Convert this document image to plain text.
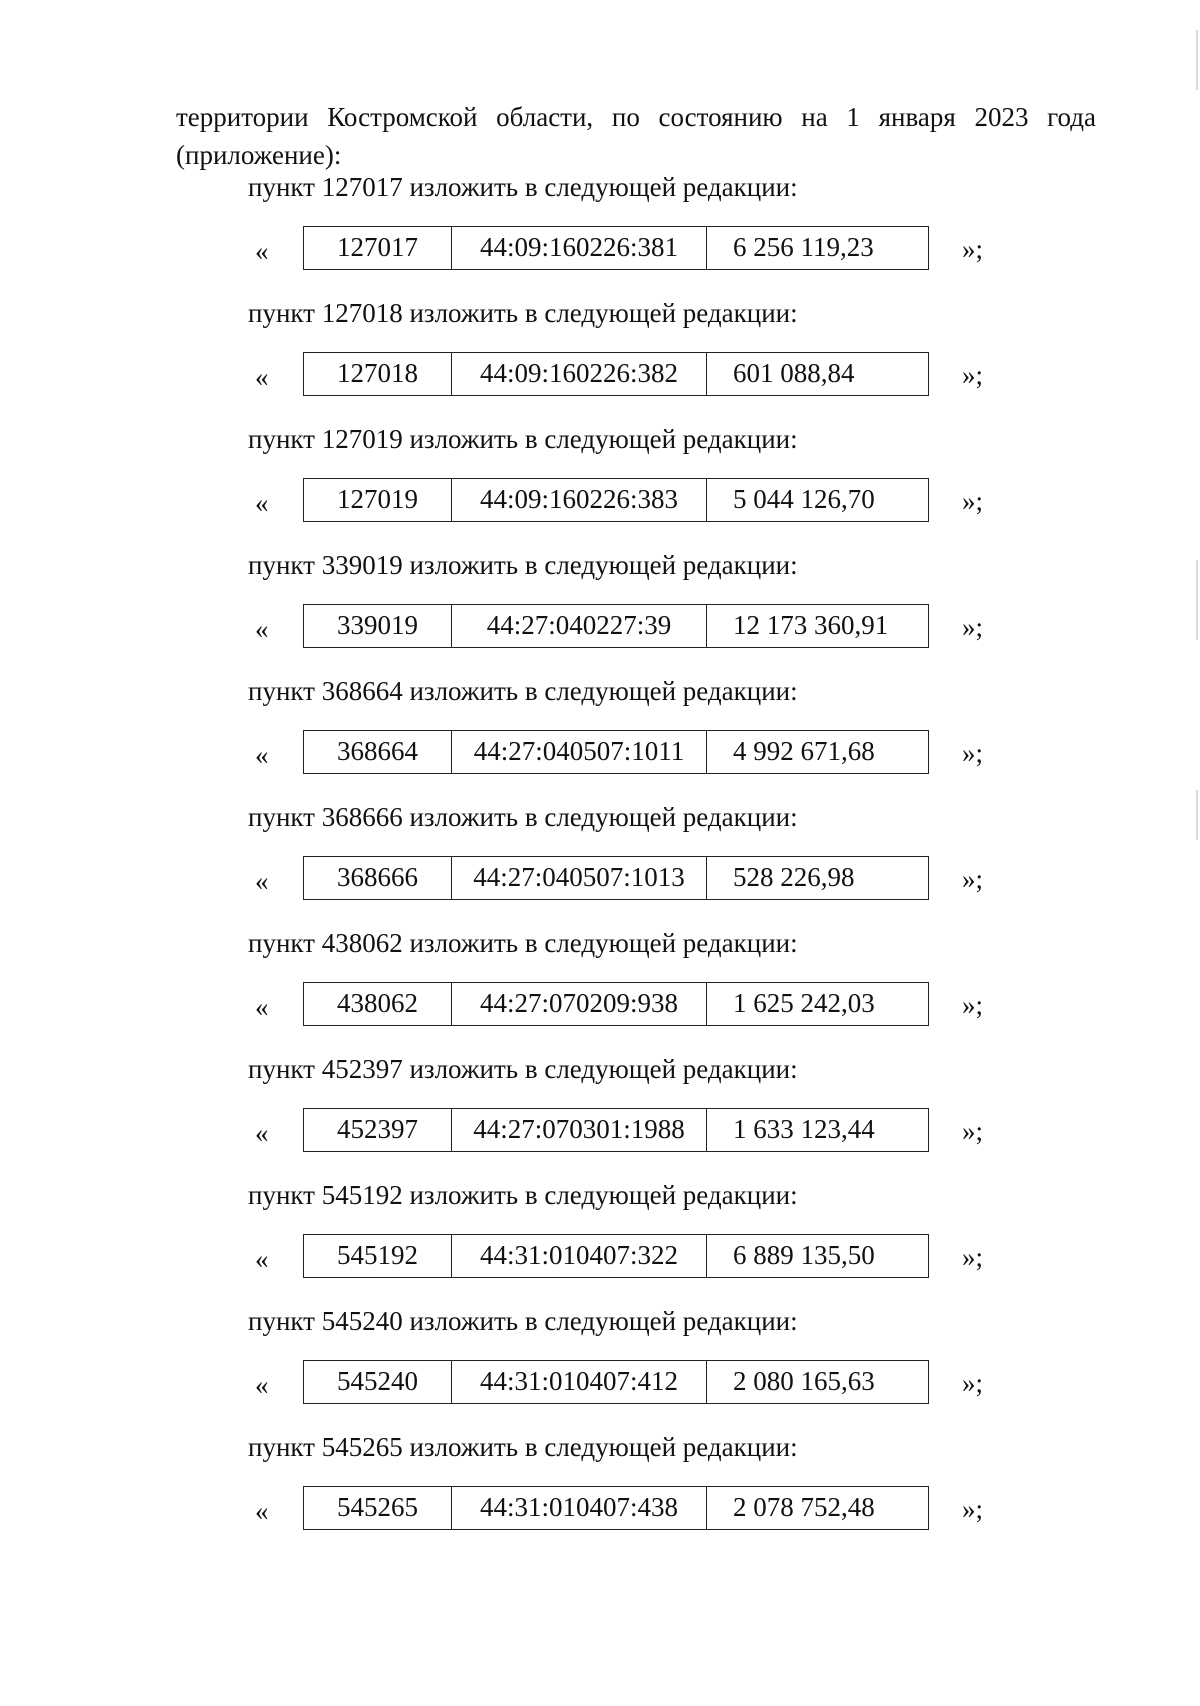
территории Костромской области, по состоянию на 1 января 2023 года
(приложение):
пункт 127017 изложить в следующей редакции:
«	127017	44:09:160226:381	6 256 119,23	»;
пункт 127018 изложить в следующей редакции:
«	127018	44:09:160226:382	601 088,84	»;
пункт 127019 изложить в следующей редакции:
«	127019	44:09:160226:383	5 044 126,70	»;
пункт 339019 изложить в следующей редакции:
«	339019	44:27:040227:39	12 173 360,91	»;
пункт 368664 изложить в следующей редакции:
«	368664	44:27:040507:1011	4 992 671,68	»;
пункт 368666 изложить в следующей редакции:
«	368666	44:27:040507:1013	528 226,98	»;
пункт 438062 изложить в следующей редакции:
«	438062	44:27:070209:938	1 625 242,03	»;
пункт 452397 изложить в следующей редакции:
«	452397	44:27:070301:1988	1 633 123,44	»;
пункт 545192 изложить в следующей редакции:
«	545192	44:31:010407:322	6 889 135,50	»;
пункт 545240 изложить в следующей редакции:
«	545240	44:31:010407:412	2 080 165,63	»;
пункт 545265 изложить в следующей редакции:
«	545265	44:31:010407:438	2 078 752,48	»;
